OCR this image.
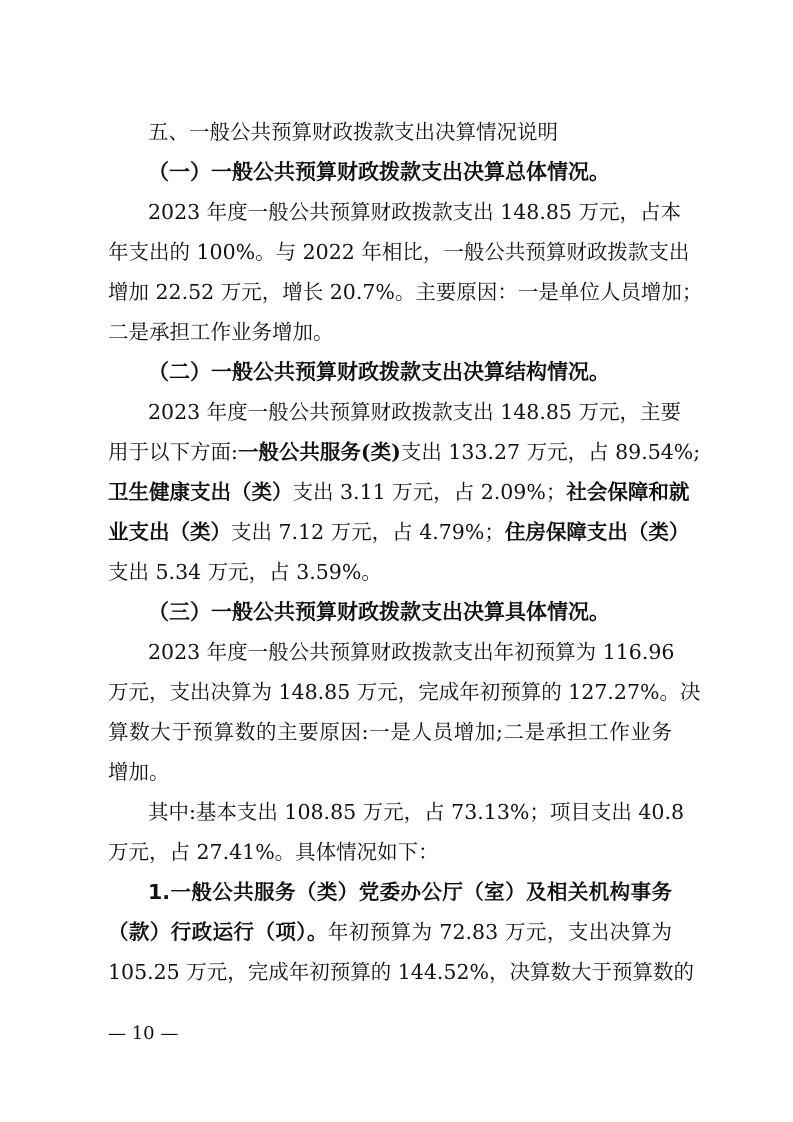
五、一般公共预算财政拨款支出决算情况说明
（一）一般公共预算财政拨款支出决算总体情况。
2023 年度一般公共预算财政拨款支出 148.85 万元，占本
年支出的 100%。与 2022 年相比，一般公共预算财政拨款支出
增加 22.52 万元，增长 20.7%。主要原因：一是单位人员增加；
二是承担工作业务增加。
（二）一般公共预算财政拨款支出决算结构情况。
2023 年度一般公共预算财政拨款支出 148.85 万元，主要
用于以下方面:一般公共服务(类)支出 133.27 万元，占 89.54%;
卫生健康支出（类）支出 3.11 万元，占 2.09%；社会保障和就
业支出（类）支出 7.12 万元，占 4.79%；住房保障支出（类）
支出 5.34 万元，占 3.59%。
（三）一般公共预算财政拨款支出决算具体情况。
2023 年度一般公共预算财政拨款支出年初预算为 116.96
万元，支出决算为 148.85 万元，完成年初预算的 127.27%。决
算数大于预算数的主要原因:一是人员增加;二是承担工作业务
增加。
其中:基本支出 108.85 万元，占 73.13%；项目支出 40.8
万元，占 27.41%。具体情况如下：
1.一般公共服务（类）党委办公厅（室）及相关机构事务
（款）行政运行（项）。年初预算为 72.83 万元，支出决算为
105.25 万元，完成年初预算的 144.52%，决算数大于预算数的
— 10 —
